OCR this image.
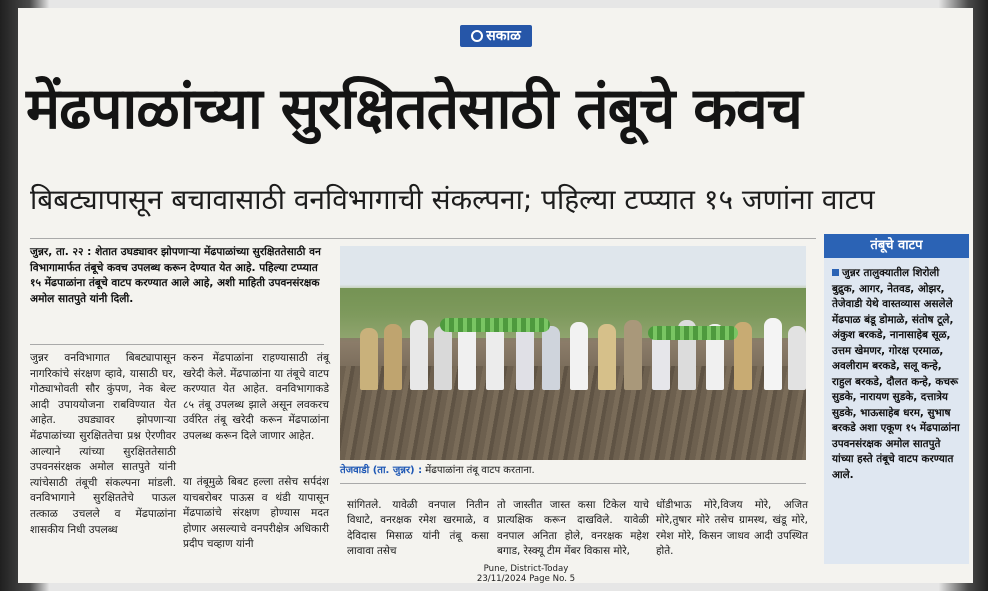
सकाळ
मेंढपाळांच्या सुरक्षिततेसाठी तंबूचे कवच
बिबट्यापासून बचावासाठी वनविभागाची संकल्पना; पहिल्या टप्प्यात १५ जणांना वाटप
जुन्नर, ता. २२ : शेतात उघड्यावर झोपणाऱ्या मेंढपाळांच्या सुरक्षिततेसाठी वन विभागामार्फत तंबूचे कवच उपलब्ध करून देण्यात येत आहे. पहिल्या टप्प्यात १५ मेंढपाळांना तंबूचे वाटप करण्यात आले आहे, अशी माहिती उपवनसंरक्षक अमोल सातपुते यांनी दिली.
जुन्नर वनविभागात बिबट्यापासून नागरिकांचे संरक्षण व्हावे, यासाठी घर, गोठ्याभोवती सौर कुंपण, नेक बेल्ट आदी उपाययोजना राबविण्यात येत आहेत. उघड्यावर झोपणाऱ्या मेंढपाळांच्या सुरक्षिततेचा प्रश्न ऐरणीवर आल्याने त्यांच्या सुरक्षिततेसाठी उपवनसंरक्षक अमोल सातपुते यांनी त्यांचेसाठी तंबूची संकल्पना मांडली. वनविभागाने सुरक्षिततेचे पाऊल तत्काळ उचलले व मेंढपाळांना शासकीय निधी उपलब्ध
करुन मेंढपाळांना राहण्यासाठी तंबू खरेदी केले. मेंढपाळांना या तंबूचे वाटप करण्यात येत आहेत. वनविभागाकडे ८५ तंबू उपलब्ध झाले असून लवकरच उर्वरित तंबू खरेदी करून मेंढपाळांना उपलब्ध करून दिले जाणार आहेत.
या तंबूमुळे बिबट हल्ला तसेच सर्पदंश याचबरोबर पाऊस व थंडी यापासून मेंढपाळांचे संरक्षण होण्यास मदत होणार असल्याचे वनपरीक्षेत्र अधिकारी प्रदीप चव्हाण यांनी
तेजवाडी (ता. जुन्नर) : मेंढपाळांना तंबू वाटप करताना.
सांगितले. यावेळी वनपाल नितीन विधाटे, वनरक्षक रमेश खरमाळे, व देविदास मिसाळ यांनी तंबू कसा लावावा तसेच
तो जास्तीत जास्त कसा टिकेल याचे प्रात्यक्षिक करून दाखविले. यावेळी वनपाल अनिता होले, वनरक्षक महेश बगाड, रेस्क्यू टीम मेंबर विकास मोरे,
धोंडीभाऊ मोरे,विजय मोरे, अजित मोरे,तुषार मोरे तसेच ग्रामस्थ, खंडू मोरे, रमेश मोरे, किसन जाधव आदी उपस्थित होते.
तंबूचे वाटप
जुन्नर तालुक्यातील शिरोली बुद्रुक, आगर, नेतवड, ओझर, तेजेवाडी येथे वास्तव्यास असलेले मेंढपाळ बंडू डोमाळे, संतोष टूले, अंकुश बरकडे, नानासाहेब सूळ, उत्तम खेमणर, गोरक्ष एरमाळ, अवलीराम बरकडे, सलू कन्हे, राहुल बरकडे, दौलत कन्हे, कचरू सुडके, नारायण सुडके, दत्तात्रेय सुडके, भाऊसाहेब धरम, सुभाष बरकडे अशा एकूण १५ मेंढपाळांना उपवनसंरक्षक अमोल सातपुते यांच्या हस्ते तंबूचे वाटप करण्यात आले.
Pune, District-Today
23/11/2024 Page No. 5
